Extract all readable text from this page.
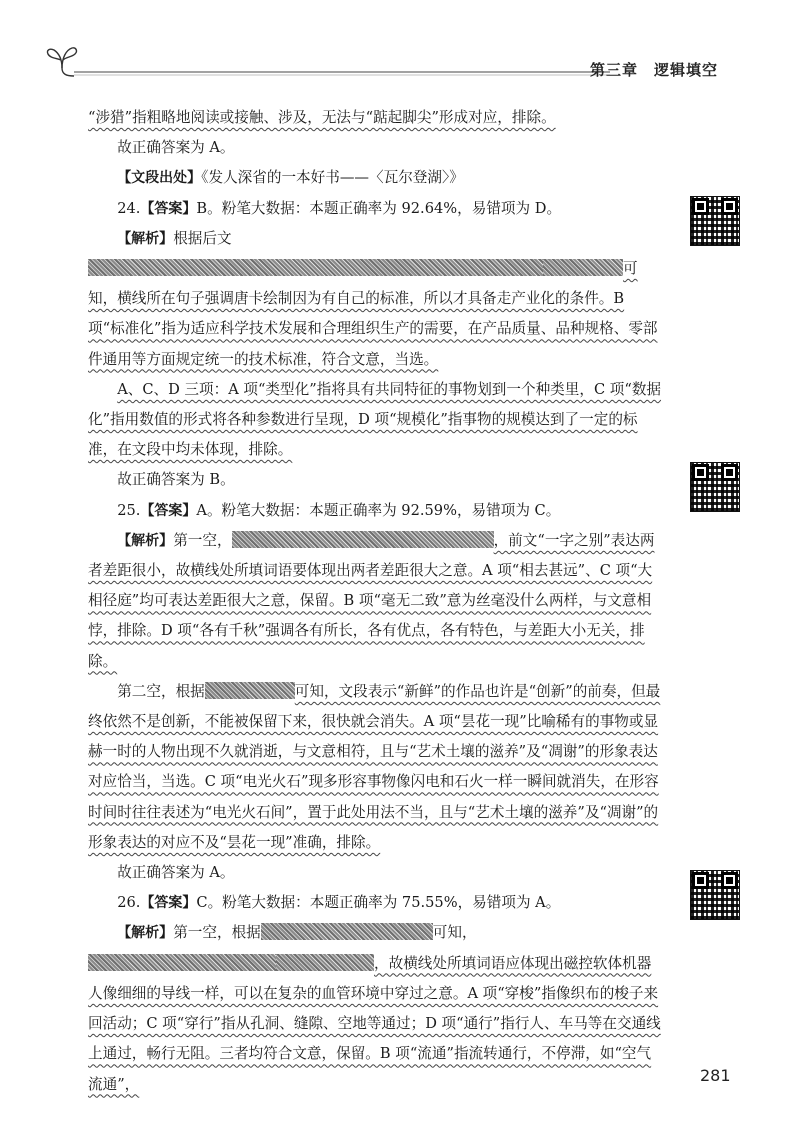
第三章　逻辑填空

“涉猎”指粗略地阅读或接触、涉及，无法与“踮起脚尖”形成对应，排除。

故正确答案为 A。

【文段出处】《发人深省的一本好书——〈瓦尔登湖〉》

24.【答案】B。粉笔大数据：本题正确率为 92.64%，易错项为 D。

【解析】根据后文可知，横线所在句子强调唐卡绘制因为有自己的标准，所以才具备走产业化的条件。B 项“标准化”指为适应科学技术发展和合理组织生产的需要，在产品质量、品种规格、零部件通用等方面规定统一的技术标准，符合文意，当选。

A、C、D 三项：A 项“类型化”指将具有共同特征的事物划到一个种类里，C 项“数据化”指用数值的形式将各种参数进行呈现，D 项“规模化”指事物的规模达到了一定的标准，在文段中均未体现，排除。

故正确答案为 B。

25.【答案】A。粉笔大数据：本题正确率为 92.59%，易错项为 C。

【解析】第一空，	，前文“一字之别”表达两者差距很小，故横线处所填词语要体现出两者差距很大之意。A 项“相去甚远”、C 项“大相径庭”均可表达差距很大之意，保留。B 项“毫无二致”意为丝毫没什么两样，与文意相悖，排除。D 项“各有千秋”强调各有所长，各有优点，各有特色，与差距大小无关，排除。

第二空，根据	可知，文段表示“新鲜”的作品也许是“创新”的前奏，但最终依然不是创新，不能被保留下来，很快就会消失。A 项“昙花一现”比喻稀有的事物或显赫一时的人物出现不久就消逝，与文意相符，且与“艺术土壤的滋养”及“凋谢”的形象表达对应恰当，当选。C 项“电光火石”现多形容事物像闪电和石火一样一瞬间就消失，在形容时间时往往表述为“电光火石间”，置于此处用法不当，且与“艺术土壤的滋养”及“凋谢”的形象表达的对应不及“昙花一现”准确，排除。

故正确答案为 A。

26.【答案】C。粉笔大数据：本题正确率为 75.55%，易错项为 A。

【解析】第一空，根据	可知，，故横线处所填词语应体现出磁控软体机器人像细细的导线一样，可以在复杂的血管环境中穿过之意。A 项“穿梭”指像织布的梭子来回活动；C 项“穿行”指从孔洞、缝隙、空地等通过；D 项“通行”指行人、车马等在交通线上通过，畅行无阻。三者均符合文意，保留。B 项“流通”指流转通行，不停滞，如“空气流通”，	281
